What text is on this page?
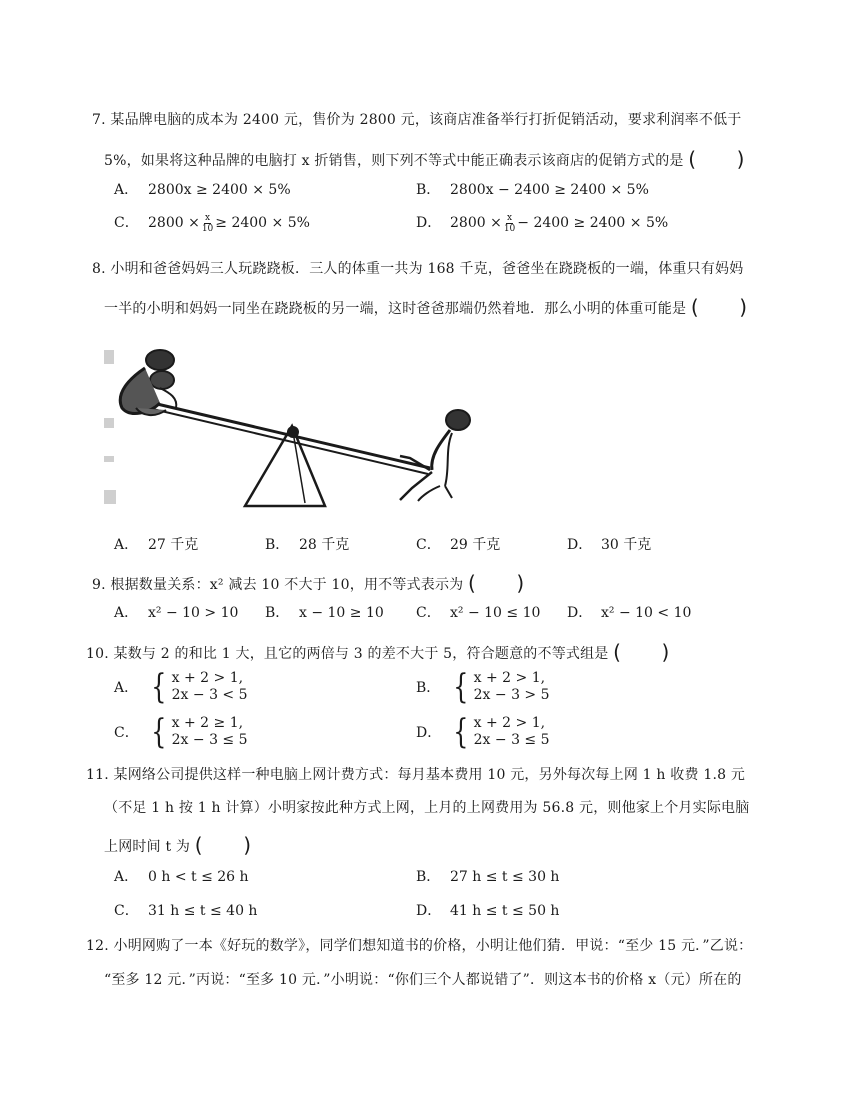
7. 某品牌电脑的成本为 2400 元，售价为 2800 元，该商店准备举行打折促销活动，要求利润率不低于
5%，如果将这种品牌的电脑打 x 折销售，则下列不等式中能正确表示该商店的促销方式的是 (　　)
A． 2800x ≥ 2400 × 5%	B． 2800x − 2400 ≥ 2400 × 5%
C． $2800 \times \frac{x}{10} \ge 2400 \times 5\%$	D． $2800 \times \frac{x}{10} - 2400 \ge 2400 \times 5\%$
8. 小明和爸爸妈妈三人玩跷跷板．三人的体重一共为 168 千克，爸爸坐在跷跷板的一端，体重只有妈妈
一半的小明和妈妈一同坐在跷跷板的另一端，这时爸爸那端仍然着地．那么小明的体重可能是 (　　)
A． 27 千克	B． 28 千克	C． 29 千克	D． 30 千克
9. 根据数量关系：x² 减去 10 不大于 10，用不等式表示为 (　　)
A． x² − 10 > 10 B． x − 10 ≥ 10 C． x² − 10 ≤ 10 D． x² − 10 < 10
10. 某数与 2 的和比 1 大，且它的两倍与 3 的差不大于 5，符合题意的不等式组是 (　　)
A． { x + 2 > 1,
2x − 3 < 5	B． { x + 2 > 1,
2x − 3 > 5
C． { x + 2 ≥ 1,
2x − 3 ≤ 5	D． { x + 2 > 1,
2x − 3 ≤ 5
11. 某网络公司提供这样一种电脑上网计费方式：每月基本费用 10 元，另外每次每上网 1 h 收费 1.8 元
（不足 1 h 按 1 h 计算）小明家按此种方式上网，上月的上网费用为 56.8 元，则他家上个月实际电脑
上网时间 t 为 (　　)
A． 0 h < t ≤ 26 h	B． 27 h ≤ t ≤ 30 h
C． 31 h ≤ t ≤ 40 h	D． 41 h ≤ t ≤ 50 h
12. 小明网购了一本《好玩的数学》，同学们想知道书的价格，小明让他们猜．甲说：“至少 15 元．”乙说：
“至多 12 元．”丙说：“至多 10 元．”小明说：“你们三个人都说错了”．则这本书的价格 x（元）所在的
